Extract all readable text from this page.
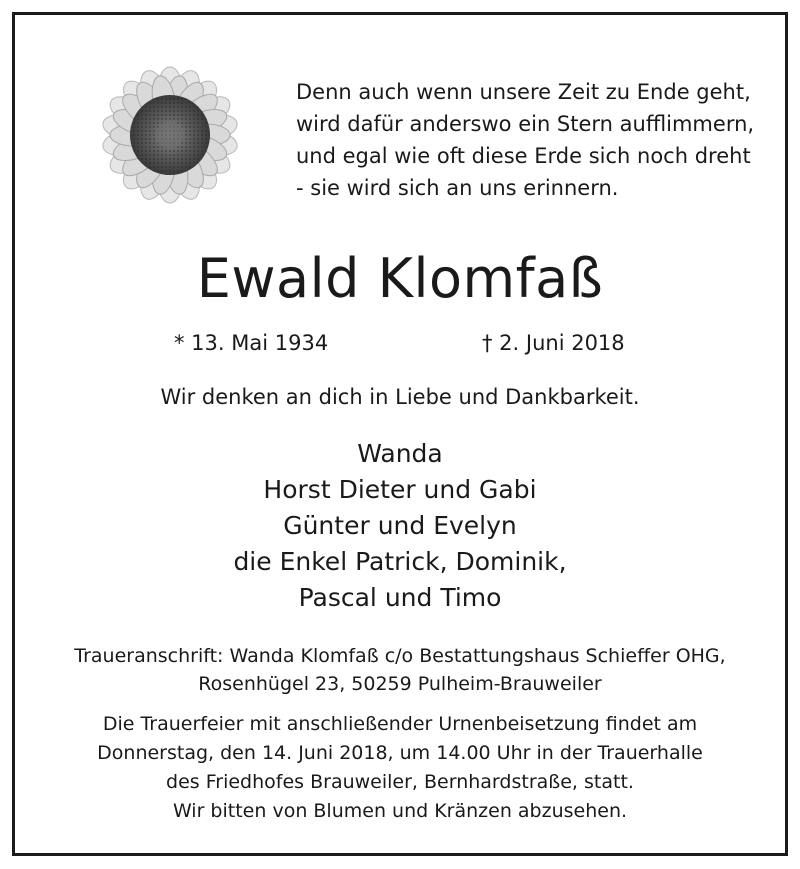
Denn auch wenn unsere Zeit zu Ende geht,
wird dafür anderswo ein Stern aufflimmern,
und egal wie oft diese Erde sich noch dreht
- sie wird sich an uns erinnern.
Ewald Klomfaß
* 13. Mai 1934	† 2. Juni 2018
Wir denken an dich in Liebe und Dankbarkeit.
Wanda
Horst Dieter und Gabi
Günter und Evelyn
die Enkel Patrick, Dominik,
Pascal und Timo
Traueranschrift: Wanda Klomfaß c/o Bestattungshaus Schieffer OHG,
Rosenhügel 23, 50259 Pulheim-Brauweiler
Die Trauerfeier mit anschließender Urnenbeisetzung findet am
Donnerstag, den 14. Juni 2018, um 14.00 Uhr in der Trauerhalle
des Friedhofes Brauweiler, Bernhardstraße, statt.
Wir bitten von Blumen und Kränzen abzusehen.
